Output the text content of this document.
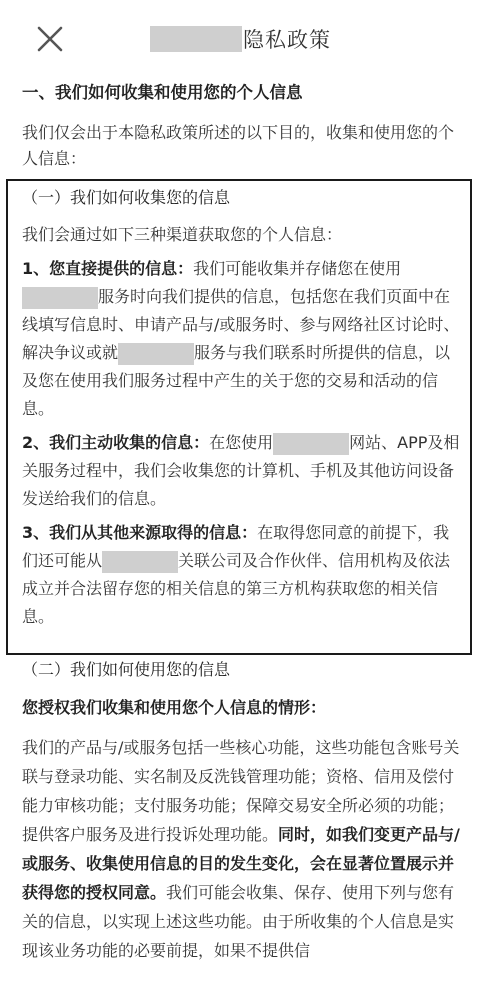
隐私政策
一、我们如何收集和使用您的个人信息
我们仅会出于本隐私政策所述的以下目的，收集和使用您的个人信息：
（一）我们如何收集您的信息

我们会通过如下三种渠道获取您的个人信息：

1、您直接提供的信息：我们可能收集并存储您在使用
服务时向我们提供的信息，包括您在我们页面中在线填写信息时、申请产品与/或服务时、参与网络社区讨论时、解决争议或就	服务与我们联系时所提供的信息，以及您在使用我们服务过程中产生的关于您的交易和活动的信息。

2、我们主动收集的信息：在您使用	网站、APP及相关服务过程中，我们会收集您的计算机、手机及其他访问设备发送给我们的信息。

3、我们从其他来源取得的信息：在取得您同意的前提下，我们还可能从	关联公司及合作伙伴、信用机构及依法成立并合法留存您的相关信息的第三方机构获取您的相关信息。

（二）我们如何使用您的信息
您授权我们收集和使用您个人信息的情形：

我们的产品与/或服务包括一些核心功能，这些功能包含账号关联与登录功能、实名制及反洗钱管理功能；资格、信用及偿付能力审核功能；支付服务功能；保障交易安全所必须的功能；提供客户服务及进行投诉处理功能。同时，如我们变更产品与/或服务、收集使用信息的目的发生变化，会在显著位置展示并获得您的授权同意。我们可能会收集、保存、使用下列与您有关的信息，以实现上述这些功能。由于所收集的个人信息是实现该业务功能的必要前提，如果不提供信
